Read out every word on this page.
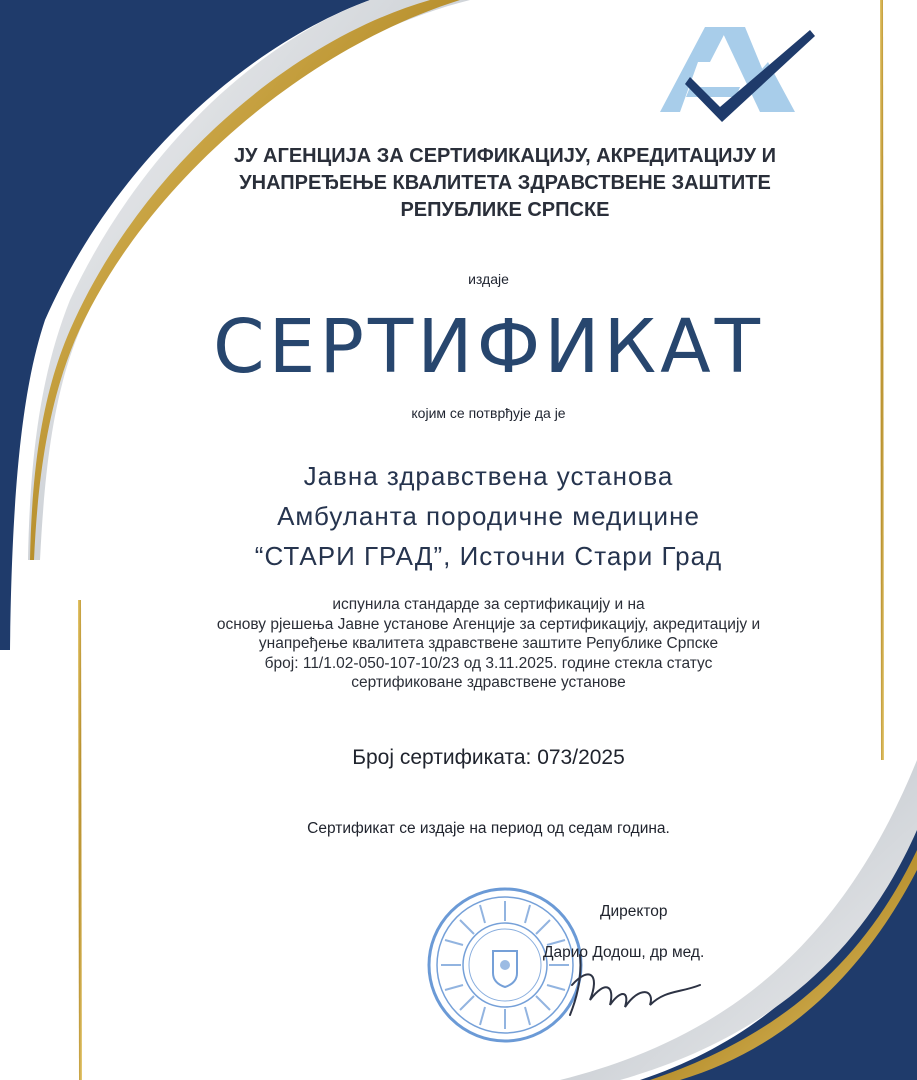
ЈУ АГЕНЦИЈА ЗА СЕРТИФИКАЦИЈУ, АКРЕДИТАЦИЈУ И
УНАПРЕЂЕЊЕ КВАЛИТЕТА ЗДРАВСТВЕНЕ ЗАШТИТЕ
РЕПУБЛИКЕ СРПСКЕ
издаје
СЕРТИФИКАТ
којим се потврђује да је
Јавна здравствена установа
Амбуланта породичне медицине
“СТАРИ ГРАД”, Источни Стари Град
испунила стандарде за сертификацију и на
основу рјешења Јавне установе Агенције за сертификацију, акредитацију и
унапређење квалитета здравствене заштите Републике Српске
број: 11/1.02-050-107-10/23 од 3.11.2025. године стекла статус
сертификоване здравствене установе
Број сертификата: 073/2025
Сертификат се издаје на период од седам година.
Директор
Дарио Додош, др мед.
